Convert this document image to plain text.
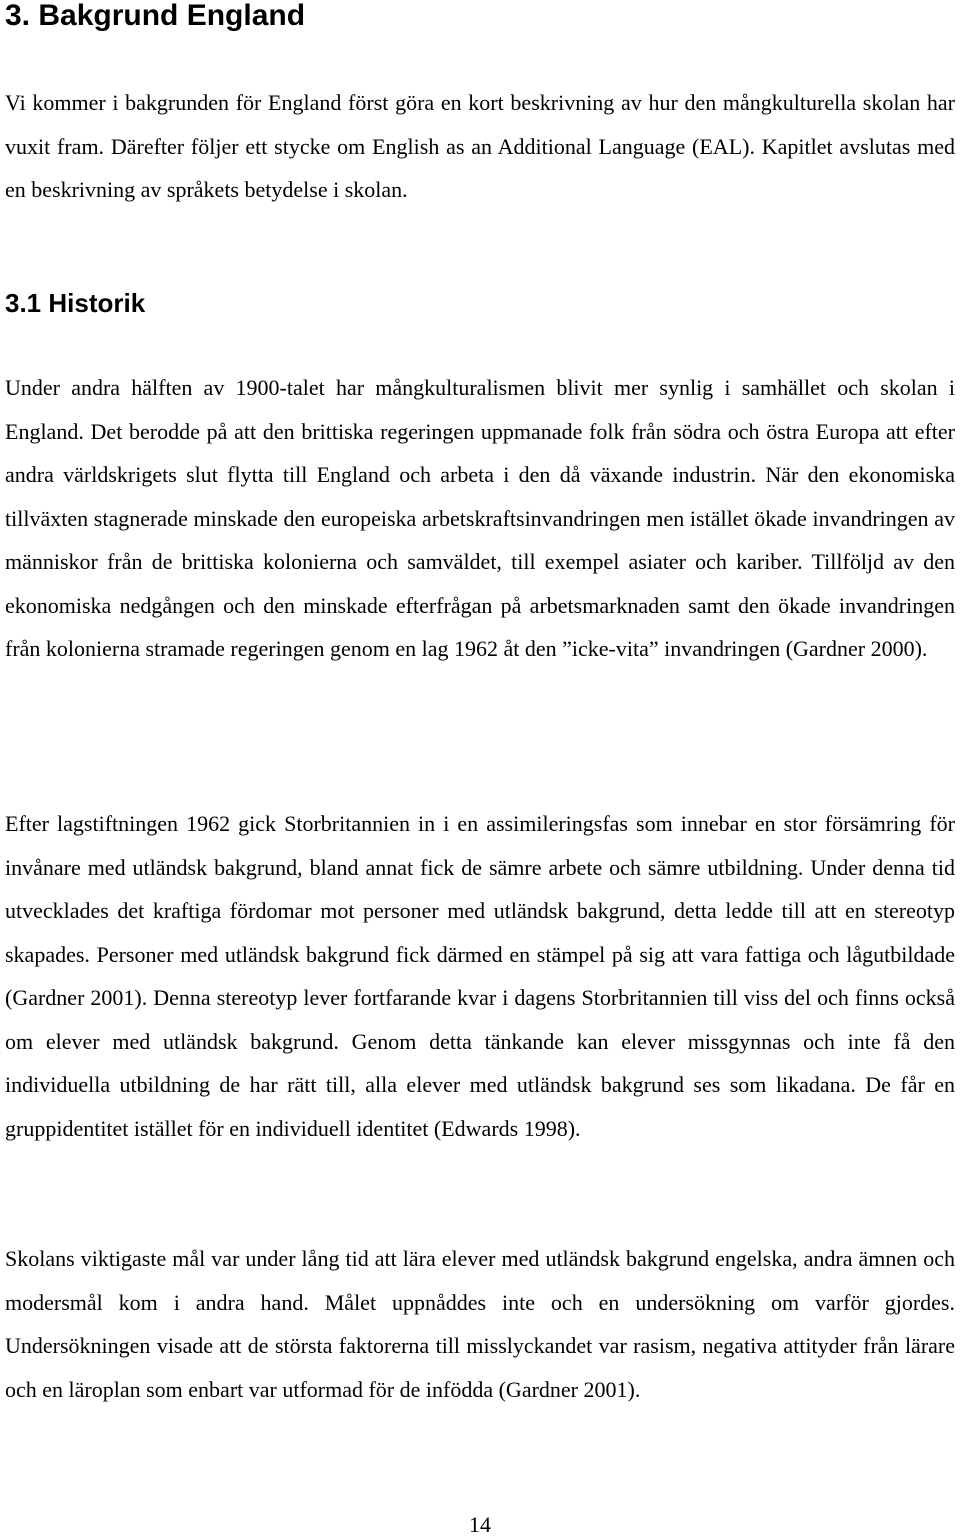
3. Bakgrund England

Vi kommer i bakgrunden för England först göra en kort beskrivning av hur den mångkulturella skolan har vuxit fram. Därefter följer ett stycke om English as an Additional Language (EAL). Kapitlet avslutas med en beskrivning av språkets betydelse i skolan.

3.1 Historik

Under andra hälften av 1900-talet har mångkulturalismen blivit mer synlig i samhället och skolan i England. Det berodde på att den brittiska regeringen uppmanade folk från södra och östra Europa att efter andra världskrigets slut flytta till England och arbeta i den då växande industrin. När den ekonomiska tillväxten stagnerade minskade den europeiska arbetskraftsinvandringen men istället ökade invandringen av människor från de brittiska kolonierna och samväldet, till exempel asiater och kariber. Tillföljd av den ekonomiska nedgången och den minskade efterfrågan på arbetsmarknaden samt den ökade invandringen från kolonierna stramade regeringen genom en lag 1962 åt den ”icke-vita” invandringen (Gardner 2000).

Efter lagstiftningen 1962 gick Storbritannien in i en assimileringsfas som innebar en stor försämring för invånare med utländsk bakgrund, bland annat fick de sämre arbete och sämre utbildning. Under denna tid utvecklades det kraftiga fördomar mot personer med utländsk bakgrund, detta ledde till att en stereotyp skapades. Personer med utländsk bakgrund fick därmed en stämpel på sig att vara fattiga och lågutbildade (Gardner 2001). Denna stereotyp lever fortfarande kvar i dagens Storbritannien till viss del och finns också om elever med utländsk bakgrund. Genom detta tänkande kan elever missgynnas och inte få den individuella utbildning de har rätt till, alla elever med utländsk bakgrund ses som likadana. De får en gruppidentitet istället för en individuell identitet (Edwards 1998).

Skolans viktigaste mål var under lång tid att lära elever med utländsk bakgrund engelska, andra ämnen och modersmål kom i andra hand. Målet uppnåddes inte och en undersökning om varför gjordes. Undersökningen visade att de största faktorerna till misslyckandet var rasism, negativa attityder från lärare och en läroplan som enbart var utformad för de infödda (Gardner 2001).

14
